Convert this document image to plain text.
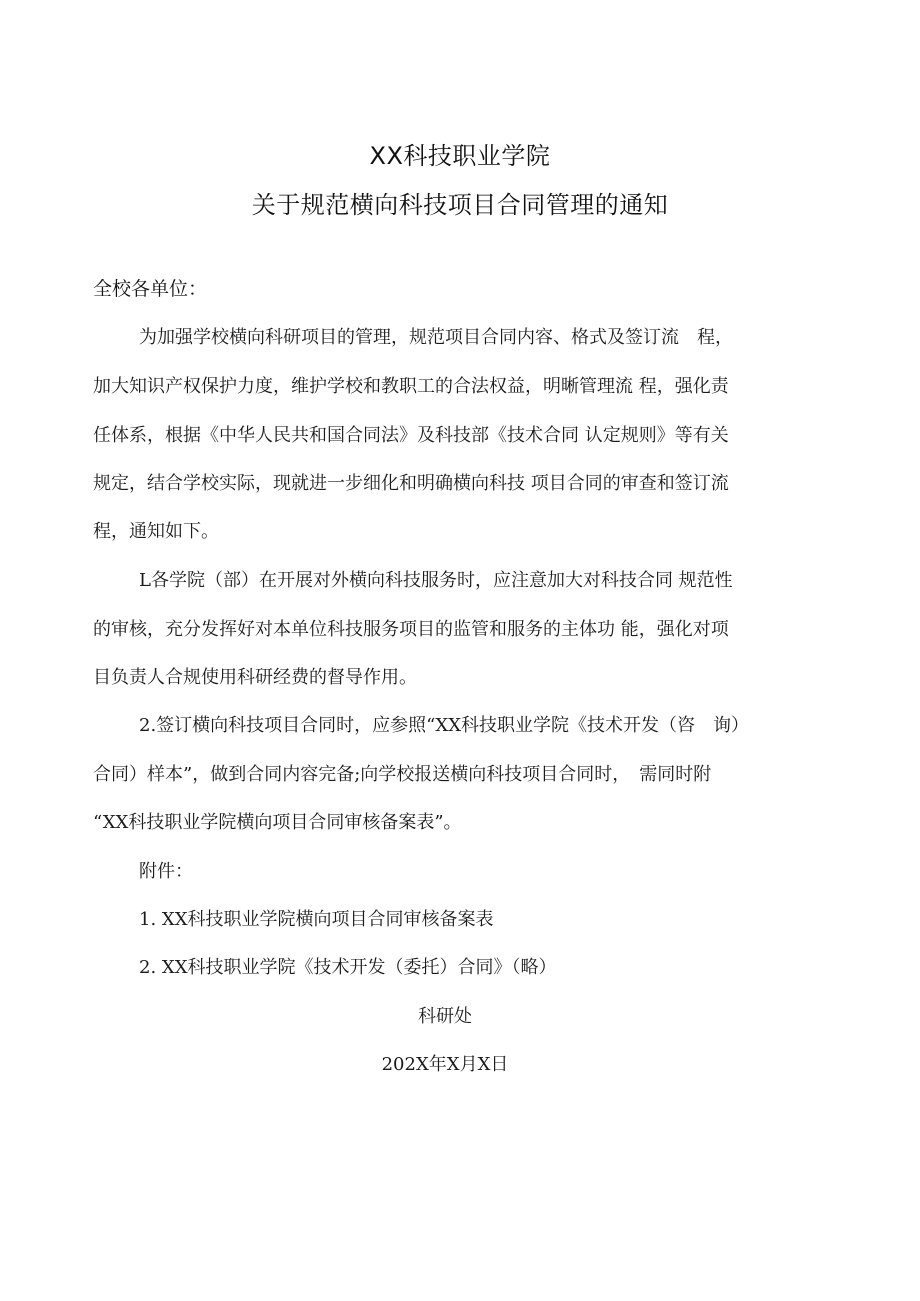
XX科技职业学院
关于规范横向科技项目合同管理的通知
全校各单位：
为加强学校横向科研项目的管理，规范项目合同内容、格式及签订流　程，
加大知识产权保护力度，维护学校和教职工的合法权益，明晰管理流 程，强化责
任体系，根据《中华人民共和国合同法》及科技部《技术合同 认定规则》等有关
规定，结合学校实际，现就进一步细化和明确横向科技 项目合同的审查和签订流
程，通知如下。
L各学院（部）在开展对外横向科技服务时，应注意加大对科技合同 规范性
的审核，充分发挥好对本单位科技服务项目的监管和服务的主体功 能，强化对项
目负责人合规使用科研经费的督导作用。
2.签订横向科技项目合同时，应参照“XX科技职业学院《技术开发（咨　询）
合同）样本”，做到合同内容完备;向学校报送横向科技项目合同时，　需同时附
“XX科技职业学院横向项目合同审核备案表”。
附件：
1. XX科技职业学院横向项目合同审核备案表
2. XX科技职业学院《技术开发（委托）合同》（略）
科研处
202X年X月X日
